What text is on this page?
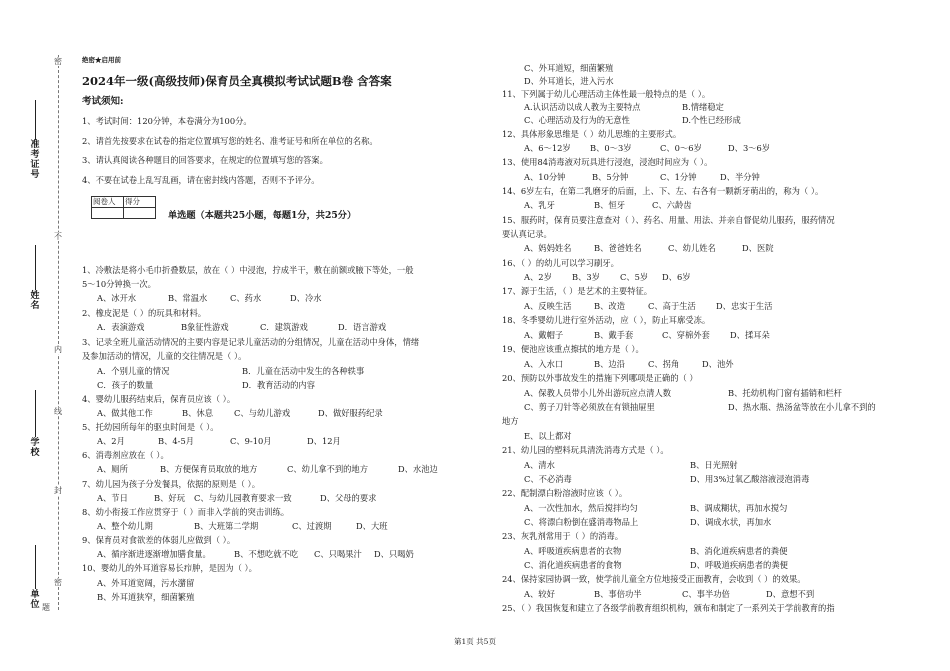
准考证号
姓名
学校
单位
密
不
内
线
封
密
题
绝密★启用前
2024年一级(高级技师)保育员全真模拟考试试题B卷 含答案
考试须知:
1、考试时间：120分钟，本卷满分为100分。
2、请首先按要求在试卷的指定位置填写您的姓名、准考证号和所在单位的名称。
3、请认真阅读各种题目的回答要求，在规定的位置填写您的答案。
4、不要在试卷上乱写乱画，请在密封线内答题，否则不予评分。
阅卷人	得分

单选题（本题共25小题，每题1分，共25分）
1、冷敷法是将小毛巾折叠数层，放在（ ）中浸泡，拧成半干，敷在前额或腋下等处，一般
5～10分钟换一次。
A、冰开水	B、常温水	C、药水	D、冷水
2、橡皮泥是（ ）的玩具和材料。
A．表演游戏	B象征性游戏	C．建筑游戏	D．语言游戏
3、记录全班儿童活动情况的主要内容是记录儿童活动的分组情况，儿童在活动中身体，情绪
及参加活动的情况，儿童的交往情况是（ ）。
A．个别儿童的情况	B．儿童在活动中发生的各种轶事
C．孩子的数量	D．教育活动的内容
4、婴幼儿服药结束后，保育员应该（ ）。
A、做其他工作	B、休息	C、与幼儿游戏	D、做好服药纪录
5、托幼园所每年的驱虫时间是（ ）。
A、2月	B、4-5月	C、9-10月	D、12月
6、消毒剂应放在（ ）。
A、厕所	B、方便保育员取放的地方	C、幼儿拿不到的地方	D、水池边
7、幼儿园为孩子分发餐具，依据的原则是（ ）。
A、节日	B、好玩 C、与幼儿园教育要求一致	D、父母的要求
8、幼小衔接工作应贯穿于（ ）而非入学前的突击训练。
A、整个幼儿期	B、大班第二学期	C、过渡期	D、大班
9、保育员对食欲差的体弱儿应做到（ ）。
A、循序渐进逐渐增加膳食量。	B、不想吃就不吃 C、只喝果汁 D、只喝奶
10、婴幼儿的外耳道容易长疖肿，是因为（ ）。
A、外耳道宽阔，污水潴留
B、外耳道狭窄，细菌繁殖
C、外耳道短，细菌繁殖
D、外耳道长，进入污水
11、下列属于幼儿心理活动主体性最一般特点的是（ ）。
A.认识活动以成人教为主要特点	B.情绪稳定
C、心理活动及行为的无意性	D.个性已经形成
12、具体形象思维是（ ）幼儿思维的主要形式。
A、6～12岁 B、0～3岁	C、0～6岁	D、3～6岁
13、使用84消毒液对玩具进行浸泡，浸泡时间应为（ ）。
A、10分钟	B、5分钟	C、1分钟	D、半分钟
14、6岁左右，在第二乳磨牙的后面，上、下、左、右各有一颗新牙萌出的，称为（ ）。
A、乳牙	B、恒牙	C、六龄齿
15、服药时，保育员要注意查对（ ）、药名、用量、用法、并亲自督促幼儿服药，服药情况
要认真记录。
A、妈妈姓名	B、爸爸姓名	C、幼儿姓名	D、医院
16、（ ）的幼儿可以学习刷牙。
A、2岁 B、3岁 C、5岁 D、6岁
17、源于生活，（ ）是艺术的主要特征。
A、反映生活	B、改造	C、高于生活 D、忠实于生活
18、冬季婴幼儿进行室外活动，应（ ），防止耳廓受冻。
A、戴帽子	B、戴手套	C、穿棉外套 D、揉耳朵
19、便池应该重点擦拭的地方是（ ）。
A、入水口	B、边沿	C、拐角	D、池外
20、预防以外事故发生的措施下列哪项是正确的（ ）
A、保教人员带小儿外出游玩应点清人数	B、托幼机构门窗有插销和栏杆
C、剪子刀针等必须放在有锁抽屉里	D、热水瓶、热汤盆等放在小儿拿不到的
地方
E、以上都对
21、幼儿园的塑料玩具清洗消毒方式是（ ）。
A、清水	B、日光照射
C、不必消毒	D、用3%过氧乙酸溶液浸泡消毒
22、配制漂白粉溶液时应该（ ）。
A、一次性加水，然后搅拌均匀	B、调成糊状，再加水搅匀
C、将漂白粉倒在盛消毒物品上	D、调成水状，再加水
23、灰乳剂常用于（ ）的消毒。
A、呼吸道疾病患者的衣物	B、消化道疾病患者的粪便
C、消化道疾病患者的食物	D、呼吸道疾病患者的粪便
24、保持家园协调一致，使学前儿童全方位地接受正面教育，会收到（ ）的效果。
A、较好	B、事倍功半	C、事半功倍	D、意想不到
25、（ ）我国恢复和建立了各级学前教育组织机构，颁布和制定了一系列关于学前教育的指
第1页 共5页
